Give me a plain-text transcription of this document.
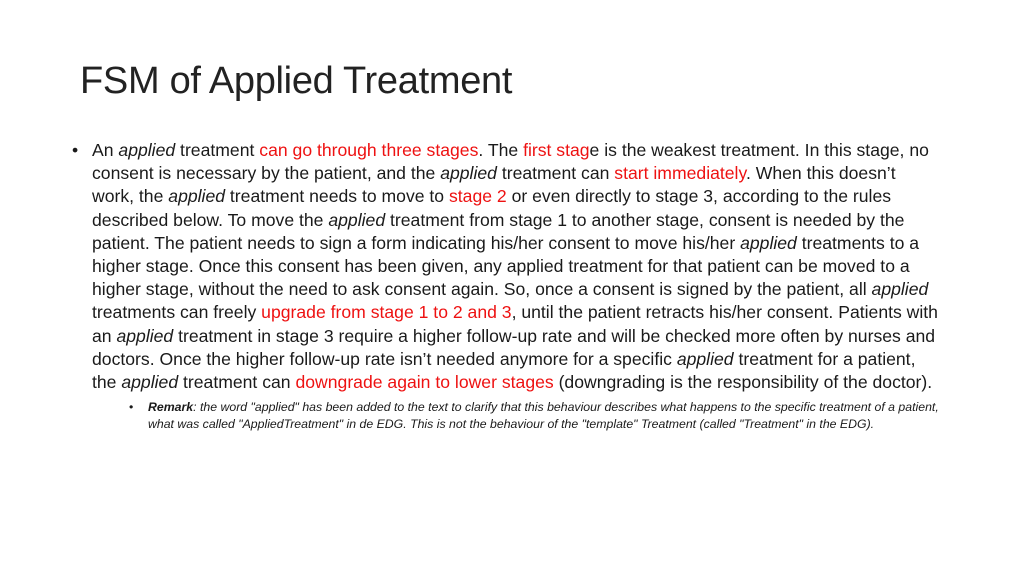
FSM of Applied Treatment
• An applied treatment can go through three stages. The first stage is the weakest treatment. In this stage, no consent is necessary by the patient, and the applied treatment can start immediately. When this doesn’t work, the applied treatment needs to move to stage 2 or even directly to stage 3, according to the rules described below. To move the applied treatment from stage 1 to another stage, consent is needed by the patient. The patient needs to sign a form indicating his/her consent to move his/her applied treatments to a higher stage. Once this consent has been given, any applied treatment for that patient can be moved to a higher stage, without the need to ask consent again. So, once a consent is signed by the patient, all applied treatments can freely upgrade from stage 1 to 2 and 3, until the patient retracts his/her consent. Patients with an applied treatment in stage 3 require a higher follow-up rate and will be checked more often by nurses and doctors. Once the higher follow-up rate isn’t needed anymore for a specific applied treatment for a patient, the applied treatment can downgrade again to lower stages (downgrading is the responsibility of the doctor).
• Remark: the word "applied" has been added to the text to clarify that this behaviour describes what happens to the specific treatment of a patient, what was called "AppliedTreatment" in de EDG. This is not the behaviour of the "template" Treatment (called "Treatment" in the EDG).
